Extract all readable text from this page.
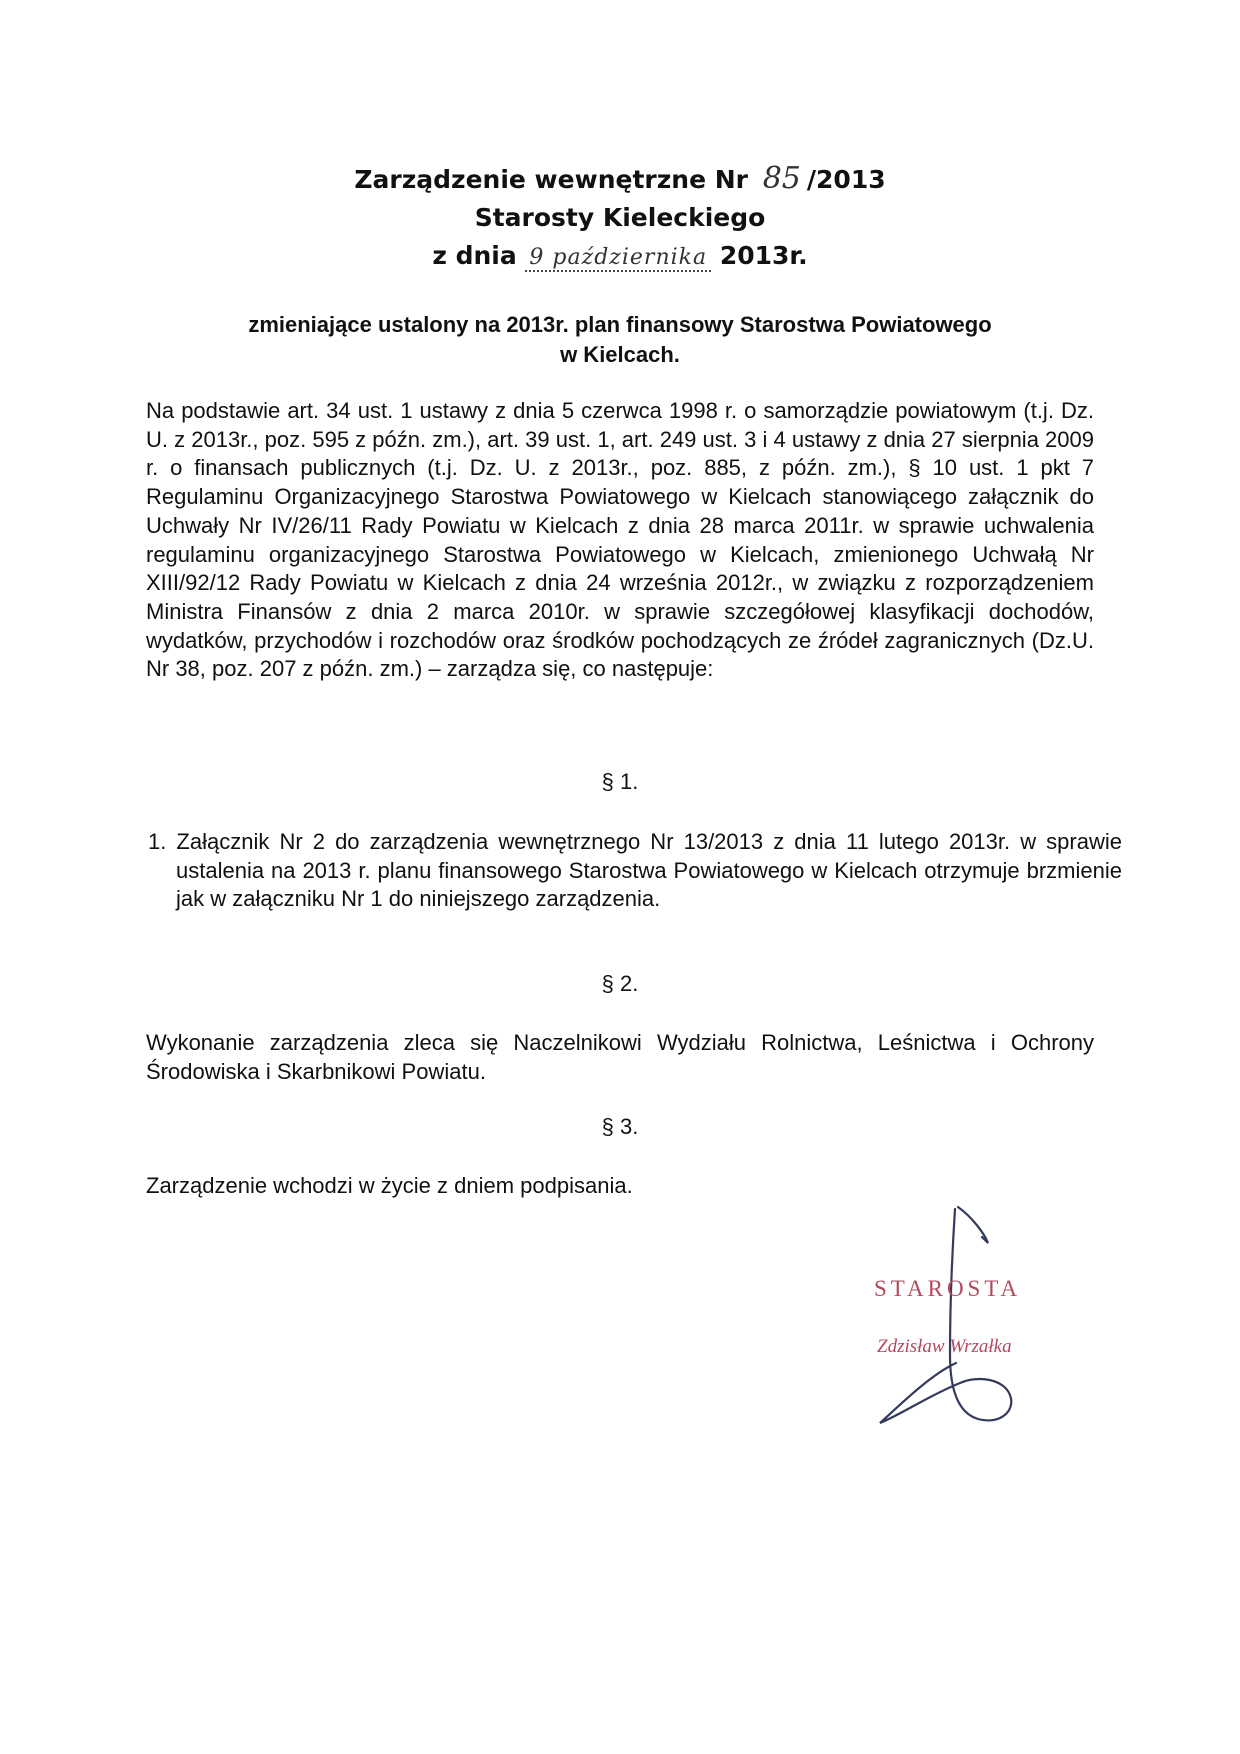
Zarządzenie wewnętrzne Nr 85 /2013
Starosty Kieleckiego
z dnia 9 października 2013r.
zmieniające ustalony na 2013r. plan finansowy Starostwa Powiatowego
w Kielcach.

Na podstawie art. 34 ust. 1 ustawy z dnia 5 czerwca 1998 r. o samorządzie powiatowym (t.j. Dz. U. z 2013r., poz. 595 z późn. zm.), art. 39 ust. 1, art. 249 ust. 3 i 4 ustawy z dnia 27 sierpnia 2009 r. o finansach publicznych (t.j. Dz. U. z 2013r., poz. 885, z późn. zm.), § 10 ust. 1 pkt 7 Regulaminu Organizacyjnego Starostwa Powiatowego w Kielcach stanowiącego załącznik do Uchwały Nr IV/26/11 Rady Powiatu w Kielcach z dnia 28 marca 2011r. w sprawie uchwalenia regulaminu organizacyjnego Starostwa Powiatowego w Kielcach, zmienionego Uchwałą Nr XIII/92/12 Rady Powiatu w Kielcach z dnia 24 września 2012r., w związku z rozporządzeniem Ministra Finansów z dnia 2 marca 2010r. w sprawie szczegółowej klasyfikacji dochodów, wydatków, przychodów i rozchodów oraz środków pochodzących ze źródeł zagranicznych (Dz.U. Nr 38, poz. 207 z późn. zm.) – zarządza się, co następuje:

§ 1.

1. Załącznik Nr 2 do zarządzenia wewnętrznego Nr 13/2013 z dnia 11 lutego 2013r. w sprawie ustalenia na 2013 r. planu finansowego Starostwa Powiatowego w Kielcach otrzymuje brzmienie jak w załączniku Nr 1 do niniejszego zarządzenia.

§ 2.

Wykonanie zarządzenia zleca się Naczelnikowi Wydziału Rolnictwa, Leśnictwa i Ochrony Środowiska i Skarbnikowi Powiatu.

§ 3.

Zarządzenie wchodzi w życie z dniem podpisania.

STAROSTA
Zdzisław Wrzałka
